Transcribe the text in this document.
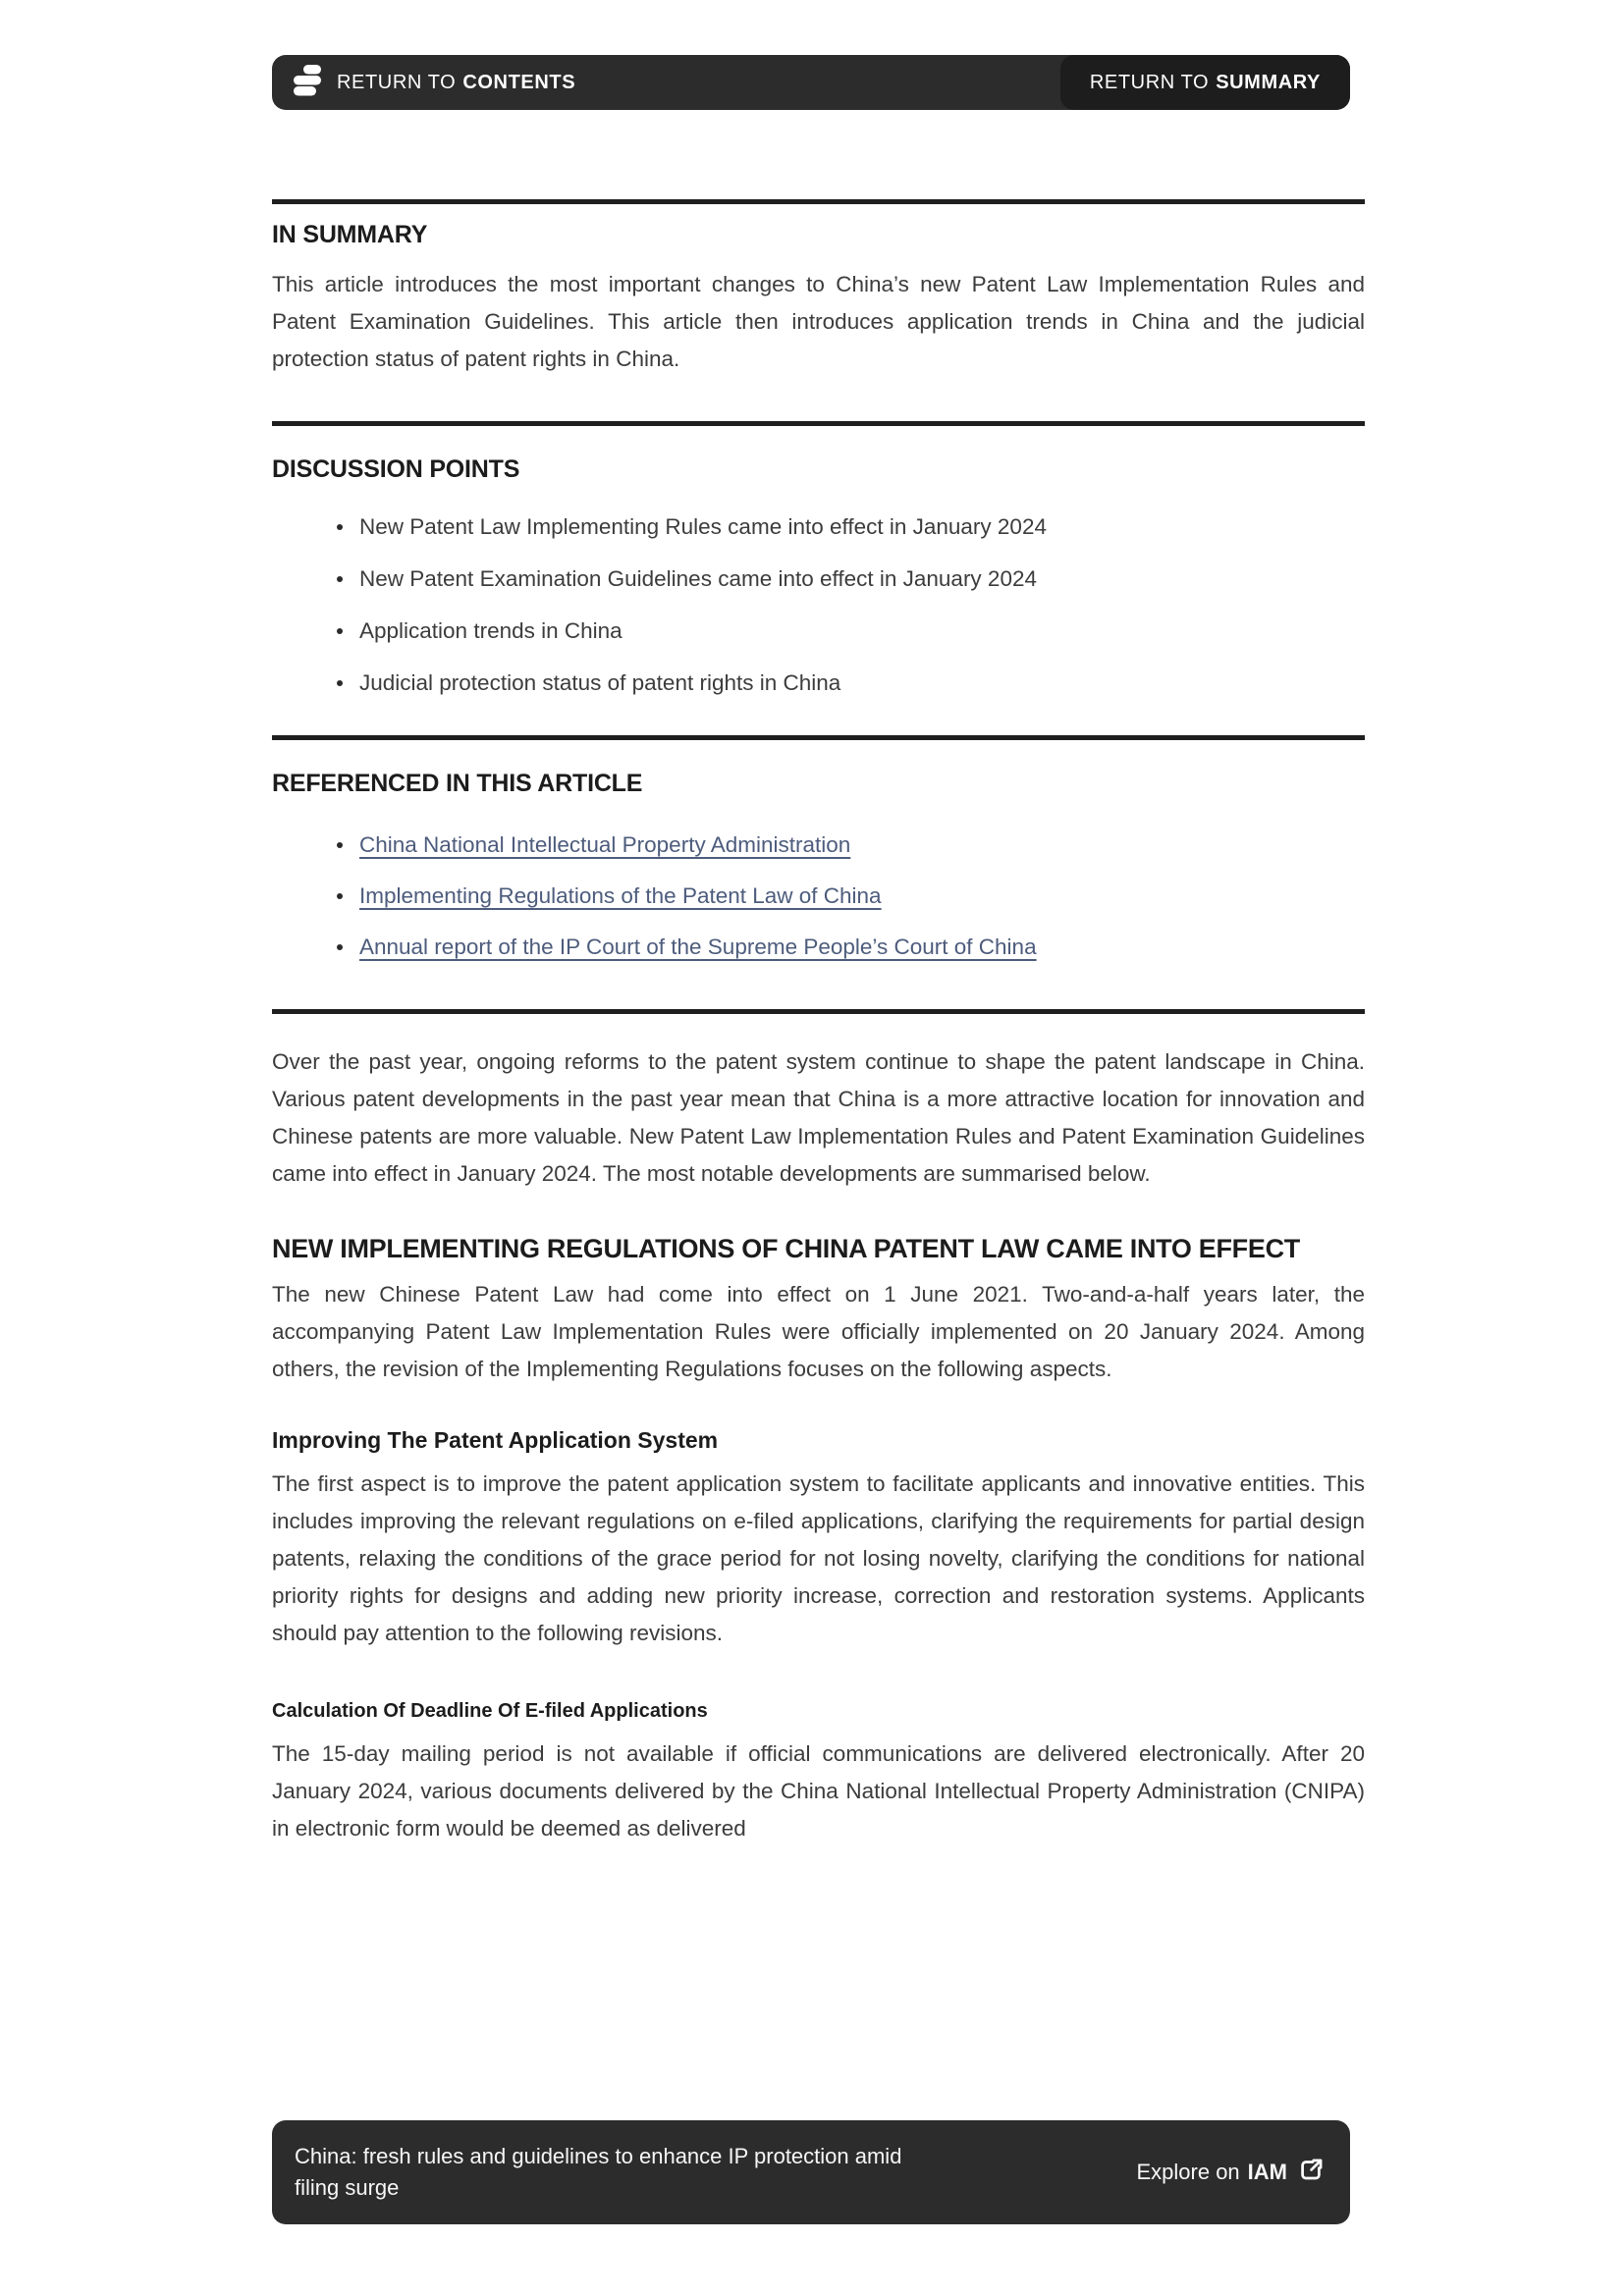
RETURN TO CONTENTS	RETURN TO SUMMARY
IN SUMMARY

This article introduces the most important changes to China’s new Patent Law Implementation Rules and Patent Examination Guidelines. This article then introduces application trends in China and the judicial protection status of patent rights in China.

DISCUSSION POINTS
New Patent Law Implementing Rules came into effect in January 2024
New Patent Examination Guidelines came into effect in January 2024
Application trends in China
Judicial protection status of patent rights in China
REFERENCED IN THIS ARTICLE
China National Intellectual Property Administration
Implementing Regulations of the Patent Law of China
Annual report of the IP Court of the Supreme People’s Court of China

Over the past year, ongoing reforms to the patent system continue to shape the patent landscape in China. Various patent developments in the past year mean that China is a more attractive location for innovation and Chinese patents are more valuable. New Patent Law Implementation Rules and Patent Examination Guidelines came into effect in January 2024. The most notable developments are summarised below.

NEW IMPLEMENTING REGULATIONS OF CHINA PATENT LAW CAME INTO EFFECT

The new Chinese Patent Law had come into effect on 1 June 2021. Two-and-a-half years later, the accompanying Patent Law Implementation Rules were officially implemented on 20 January 2024. Among others, the revision of the Implementing Regulations focuses on the following aspects.

Improving The Patent Application System

The first aspect is to improve the patent application system to facilitate applicants and innovative entities. This includes improving the relevant regulations on e-filed applications, clarifying the requirements for partial design patents, relaxing the conditions of the grace period for not losing novelty, clarifying the conditions for national priority rights for designs and adding new priority increase, correction and restoration systems. Applicants should pay attention to the following revisions.

Calculation Of Deadline Of E-filed Applications

The 15-day mailing period is not available if official communications are delivered electronically. After 20 January 2024, various documents delivered by the China National Intellectual Property Administration (CNIPA) in electronic form would be deemed as delivered

China: fresh rules and guidelines to enhance IP protection amid filing surge
Explore on IAM
